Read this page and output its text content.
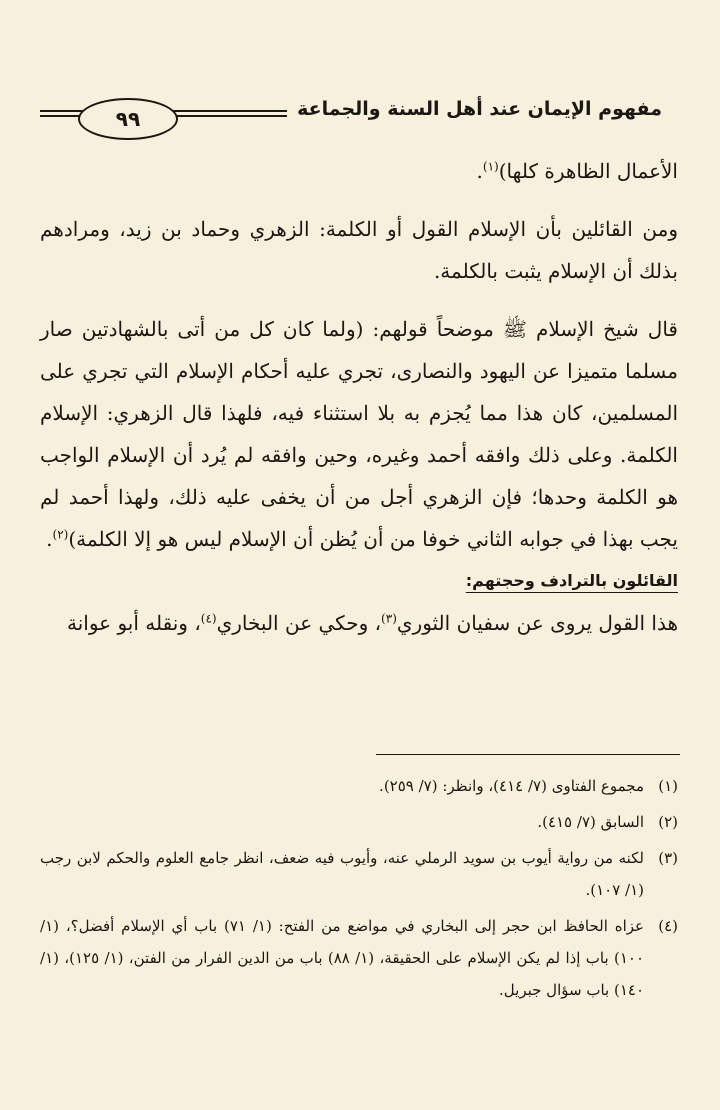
مفهوم الإيمان عند أهل السنة والجماعة
٩٩

الأعمال الظاهرة كلها)$^{(١)}$.

ومن القائلين بأن الإسلام القول أو الكلمة: الزهري وحماد بن زيد، ومرادهم بذلك أن الإسلام يثبت بالكلمة.

قال شيخ الإسلام ﷺ موضحاً قولهم: (ولما كان كل من أتى بالشهادتين صار مسلما متميزا عن اليهود والنصارى، تجري عليه أحكام الإسلام التي تجري على المسلمين، كان هذا مما يُجزم به بلا استثناء فيه، فلهذا قال الزهري: الإسلام الكلمة. وعلى ذلك وافقه أحمد وغيره، وحين وافقه لم يُرد أن الإسلام الواجب هو الكلمة وحدها؛ فإن الزهري أجل من أن يخفى عليه ذلك، ولهذا أحمد لم يجب بهذا في جوابه الثاني خوفا من أن يُظن أن الإسلام ليس هو إلا الكلمة)$^{(٢)}$.

القائلون بالترادف وحجتهم:

هذا القول يروى عن سفيان الثوري$^{(٣)}$، وحكي عن البخاري$^{(٤)}$، ونقله أبو عوانة

(١)
مجموع الفتاوى (٧/ ٤١٤)، وانظر: (٧/ ٢٥٩).
(٢)
السابق (٧/ ٤١٥).
(٣)
لكنه من رواية أيوب بن سويد الرملي عنه، وأيوب فيه ضعف، انظر جامع العلوم والحكم لابن رجب (١/ ١٠٧).
(٤)
عزاه الحافظ ابن حجر إلى البخاري في مواضع من الفتح: (١/ ٧١) باب أي الإسلام أفضل؟، (١/ ١٠٠) باب إذا لم يكن الإسلام على الحقيقة، (١/ ٨٨) باب من الدين الفرار من الفتن، (١/ ١٢٥)، (١/ ١٤٠) باب سؤال جبريل.
